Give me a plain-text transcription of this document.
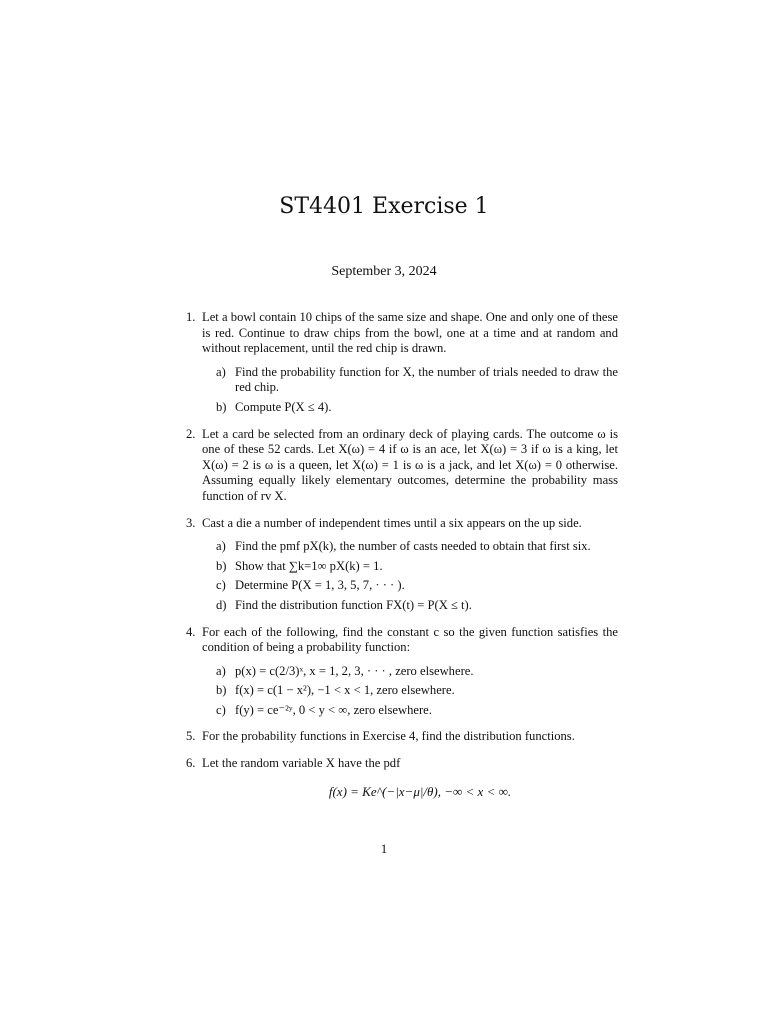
ST4401 Exercise 1
September 3, 2024
1. Let a bowl contain 10 chips of the same size and shape. One and only one of these is red. Continue to draw chips from the bowl, one at a time and at random and without replacement, until the red chip is drawn.
a) Find the probability function for X, the number of trials needed to draw the red chip.
b) Compute P(X ≤ 4).
2. Let a card be selected from an ordinary deck of playing cards. The outcome ω is one of these 52 cards. Let X(ω) = 4 if ω is an ace, let X(ω) = 3 if ω is a king, let X(ω) = 2 is ω is a queen, let X(ω) = 1 is ω is a jack, and let X(ω) = 0 otherwise. Assuming equally likely elementary outcomes, determine the probability mass function of rv X.
3. Cast a die a number of independent times until a six appears on the up side.
a) Find the pmf pX(k), the number of casts needed to obtain that first six.
b) Show that ∑k=1∞ pX(k) = 1.
c) Determine P(X = 1, 3, 5, 7, · · · ).
d) Find the distribution function FX(t) = P(X ≤ t).
4. For each of the following, find the constant c so the given function satisfies the condition of being a probability function:
a) p(x) = c(2/3)ˣ, x = 1, 2, 3, · · · , zero elsewhere.
b) f(x) = c(1 − x²), −1 < x < 1, zero elsewhere.
c) f(y) = ce⁻²ʸ, 0 < y < ∞, zero elsewhere.
5. For the probability functions in Exercise 4, find the distribution functions.
6. Let the random variable X have the pdf
f(x) = Ke^(−|x−μ|/θ), −∞ < x < ∞.
1
